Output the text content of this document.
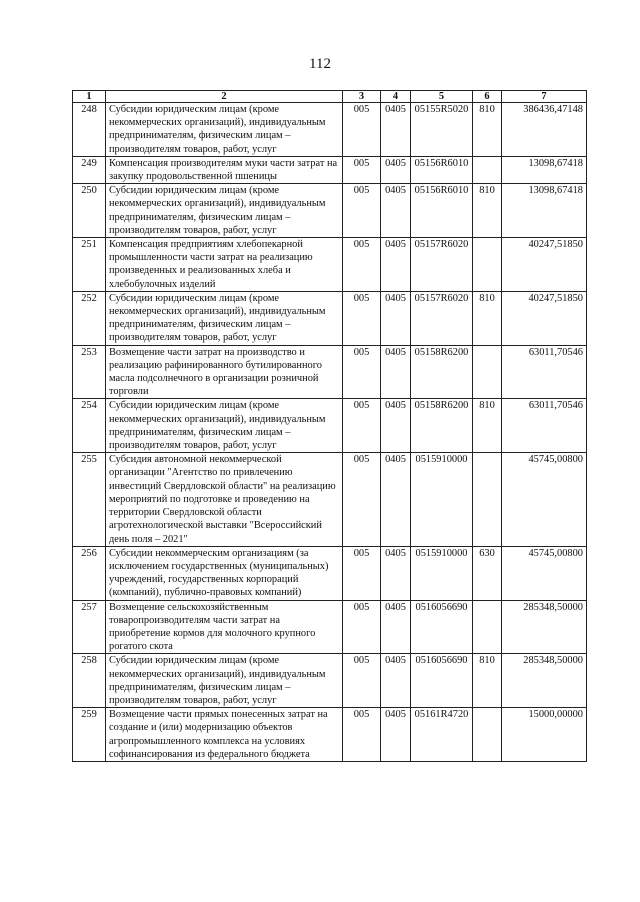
112
1	2	3	4	5	6	7
248	Субсидии юридическим лицам (кроме некоммерческих организаций), индивидуальным предпринимателям, физическим лицам – производителям товаров, работ, услуг	005	0405	05155R5020	810	386436,47148
249	Компенсация производителям муки части затрат на закупку продовольственной пшеницы	005	0405	05156R6010		13098,67418
250	Субсидии юридическим лицам (кроме некоммерческих организаций), индивидуальным предпринимателям, физическим лицам – производителям товаров, работ, услуг	005	0405	05156R6010	810	13098,67418
251	Компенсация предприятиям хлебопекарной промышленности части затрат на реализацию произведенных и реализованных хлеба и хлебобулочных изделий	005	0405	05157R6020		40247,51850
252	Субсидии юридическим лицам (кроме некоммерческих организаций), индивидуальным предпринимателям, физическим лицам – производителям товаров, работ, услуг	005	0405	05157R6020	810	40247,51850
253	Возмещение части затрат на производство и реализацию рафинированного бутилированного масла подсолнечного в организации розничной торговли	005	0405	05158R6200		63011,70546
254	Субсидии юридическим лицам (кроме некоммерческих организаций), индивидуальным предпринимателям, физическим лицам – производителям товаров, работ, услуг	005	0405	05158R6200	810	63011,70546
255	Субсидия автономной некоммерческой организации "Агентство по привлечению инвестиций Свердловской области" на реализацию мероприятий по подготовке и проведению на территории Свердловской области агротехнологической выставки "Всероссийский день поля – 2021"	005	0405	0515910000		45745,00800
256	Субсидии некоммерческим организациям (за исключением государственных (муниципальных) учреждений, государственных корпораций (компаний), публично-правовых компаний)	005	0405	0515910000	630	45745,00800
257	Возмещение сельскохозяйственным товаропроизводителям части затрат на приобретение кормов для молочного крупного рогатого скота	005	0405	0516056690		285348,50000
258	Субсидии юридическим лицам (кроме некоммерческих организаций), индивидуальным предпринимателям, физическим лицам – производителям товаров, работ, услуг	005	0405	0516056690	810	285348,50000
259	Возмещение части прямых понесенных затрат на создание и (или) модернизацию объектов агропромышленного комплекса на условиях софинансирования из федерального бюджета	005	0405	05161R4720		15000,00000
